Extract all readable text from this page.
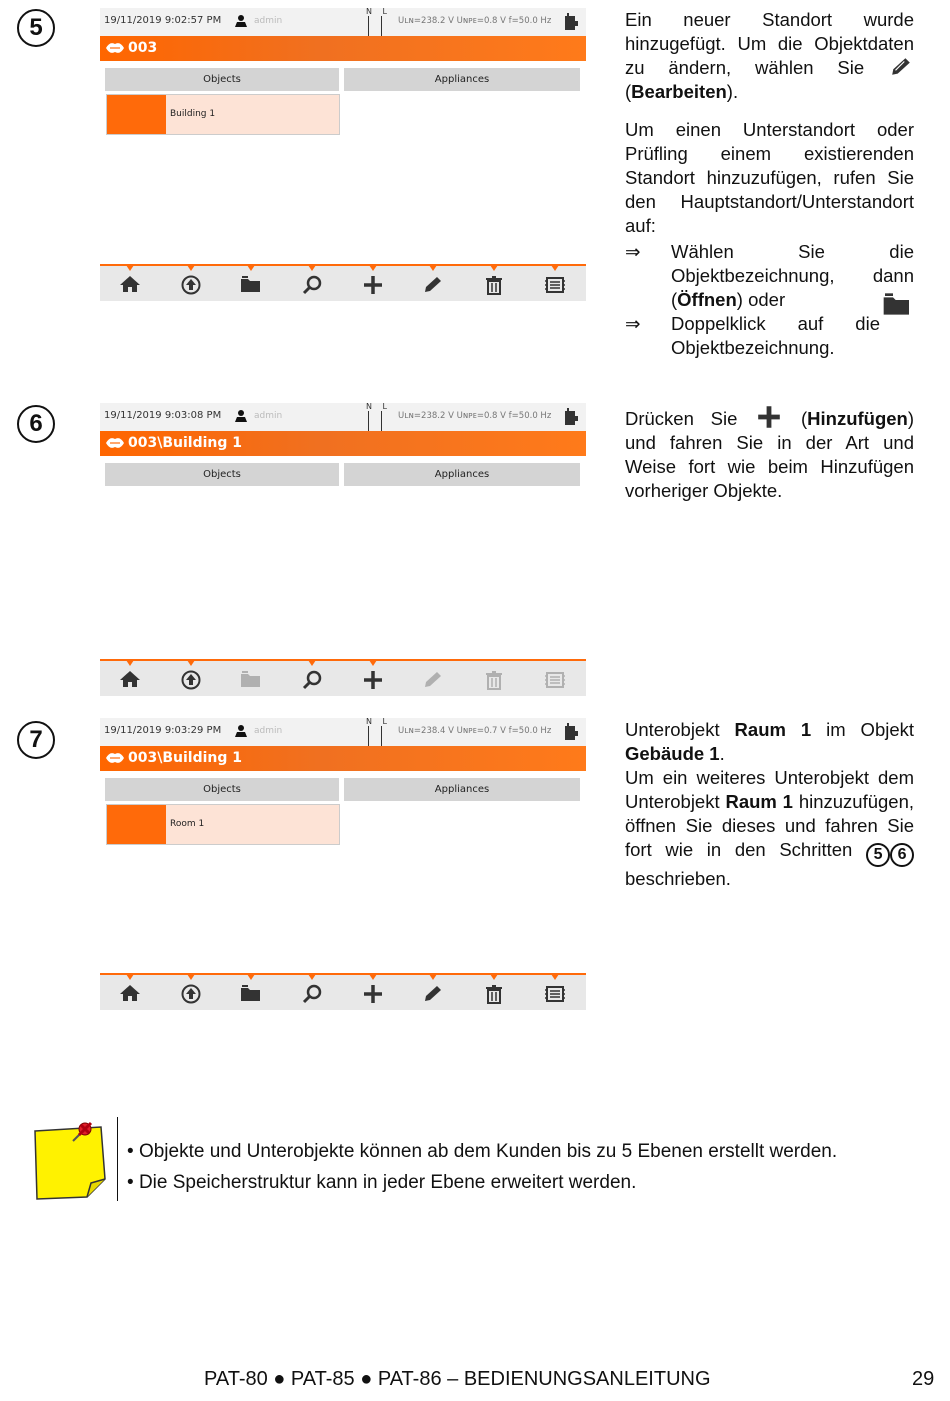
5	19/11/2019 9:02:57 PM	admin
N L
Uʟɴ=238.2 V Uɴᴘᴇ=0.8 V f=50.0 Hz
003
Objects	Appliances
Building 1

Ein neuer Standort wurde hinzugefügt. Um die Objektdaten zu ändern, wählen Sie  (Bearbeiten).

Um einen Unterstandort oder Prüfling einem existierenden Standort hinzuzufügen, rufen Sie den Hauptstandort/Unterstandort auf:

⇒ Wählen Sie die Objektbezeichnung, dann
(Öffnen) oder
⇒ Doppelklick auf die Objektbezeichnung.
6	19/11/2019 9:03:08 PM	admin
N L
Uʟɴ=238.2 V Uɴᴘᴇ=0.8 V f=50.0 Hz
003\Building 1
Objects	Appliances

Drücken Sie	(Hinzufügen) und fahren Sie in der Art und Weise fort wie beim Hinzufügen vorheriger Objekte.

7	19/11/2019 9:03:29 PM	admin
N L
Uʟɴ=238.4 V Uɴᴘᴇ=0.7 V f=50.0 Hz
003\Building 1
Objects	Appliances
Room 1

Unterobjekt Raum 1 im Objekt Gebäude 1.
Um ein weiteres Unterobjekt dem Unterobjekt Raum 1 hinzuzufügen, öffnen Sie dieses und fahren Sie fort wie in den Schritten 5 6 beschrieben.

• Objekte und Unterobjekte können ab dem Kunden bis zu 5 Ebenen erstellt werden.
• Die Speicherstruktur kann in jeder Ebene erweitert werden.
PAT-80 ● PAT-85 ● PAT-86 – BEDIENUNGSANLEITUNG	29
